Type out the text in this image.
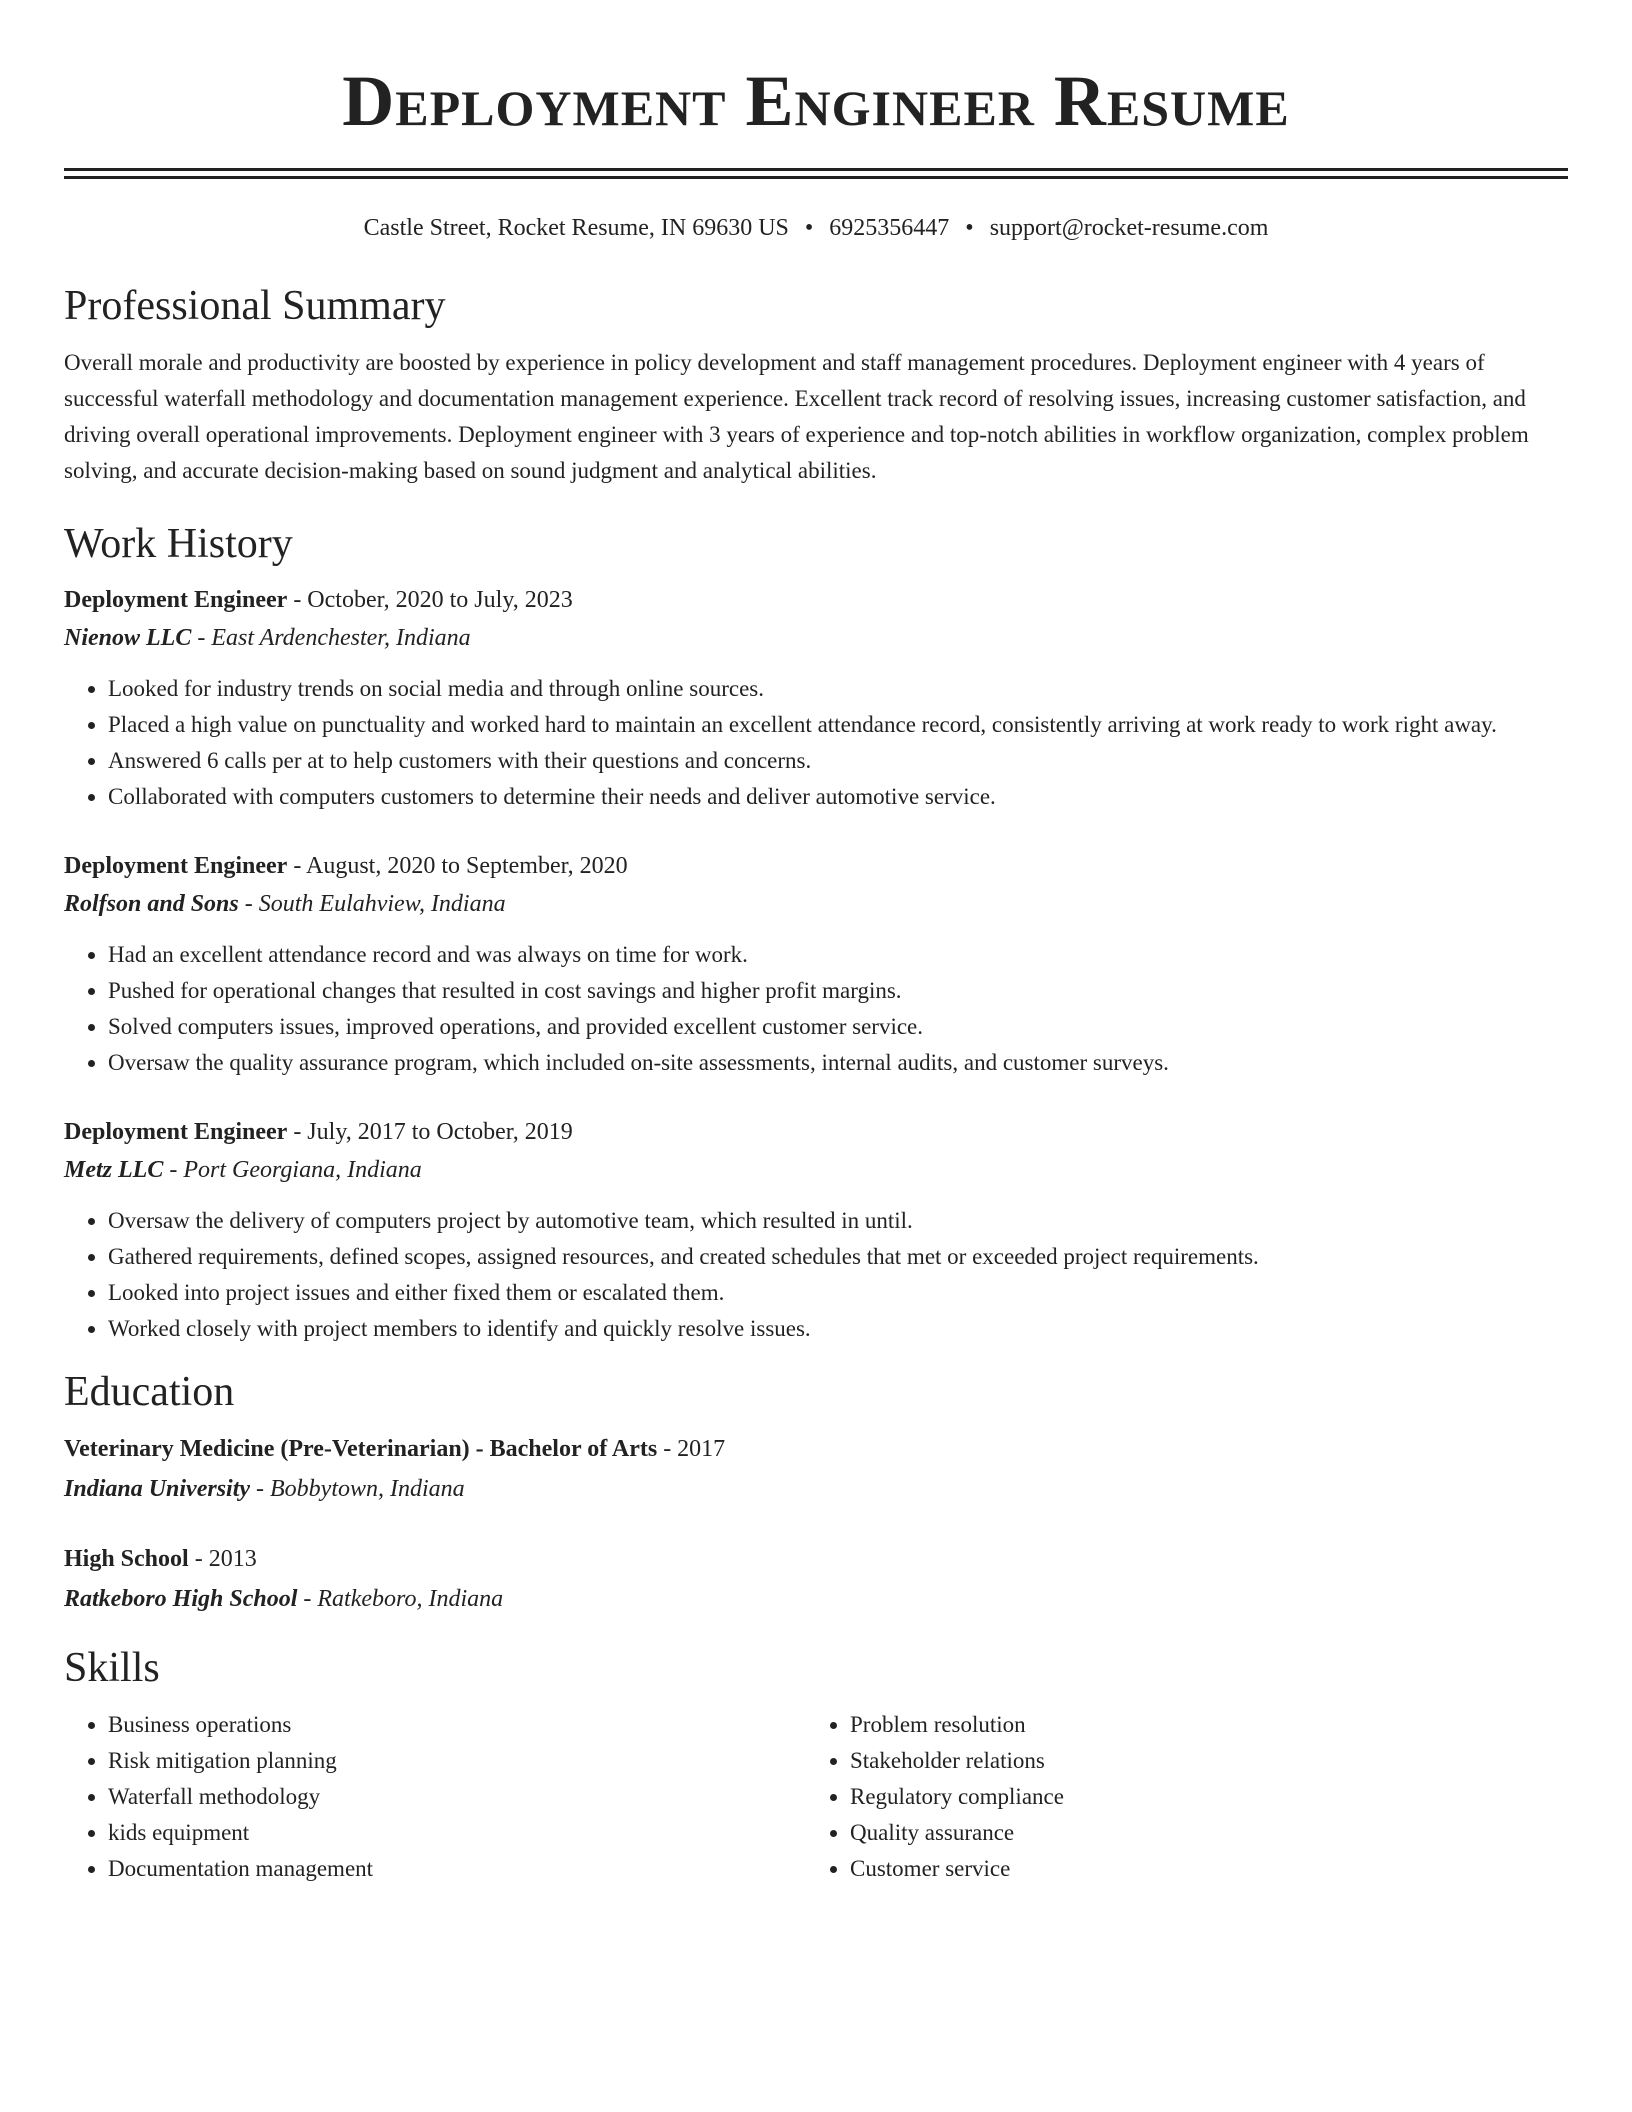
Deployment Engineer Resume
Castle Street, Rocket Resume, IN 69630 US • 6925356447 • support@rocket-resume.com
Professional Summary
Overall morale and productivity are boosted by experience in policy development and staff management procedures. Deployment engineer with 4 years of successful waterfall methodology and documentation management experience. Excellent track record of resolving issues, increasing customer satisfaction, and driving overall operational improvements. Deployment engineer with 3 years of experience and top-notch abilities in workflow organization, complex problem solving, and accurate decision-making based on sound judgment and analytical abilities.
Work History
Deployment Engineer - October, 2020 to July, 2023
Nienow LLC - East Ardenchester, Indiana
• Looked for industry trends on social media and through online sources.
• Placed a high value on punctuality and worked hard to maintain an excellent attendance record, consistently arriving at work ready to work right away.
• Answered 6 calls per at to help customers with their questions and concerns.
• Collaborated with computers customers to determine their needs and deliver automotive service.
Deployment Engineer - August, 2020 to September, 2020
Rolfson and Sons - South Eulahview, Indiana
• Had an excellent attendance record and was always on time for work.
• Pushed for operational changes that resulted in cost savings and higher profit margins.
• Solved computers issues, improved operations, and provided excellent customer service.
• Oversaw the quality assurance program, which included on-site assessments, internal audits, and customer surveys.
Deployment Engineer - July, 2017 to October, 2019
Metz LLC - Port Georgiana, Indiana
• Oversaw the delivery of computers project by automotive team, which resulted in until.
• Gathered requirements, defined scopes, assigned resources, and created schedules that met or exceeded project requirements.
• Looked into project issues and either fixed them or escalated them.
• Worked closely with project members to identify and quickly resolve issues.
Education
Veterinary Medicine (Pre-Veterinarian) - Bachelor of Arts - 2017
Indiana University - Bobbytown, Indiana
High School - 2013
Ratkeboro High School - Ratkeboro, Indiana
Skills
• Business operations
• Risk mitigation planning
• Waterfall methodology
• kids equipment
• Documentation management
• Problem resolution
• Stakeholder relations
• Regulatory compliance
• Quality assurance
• Customer service
